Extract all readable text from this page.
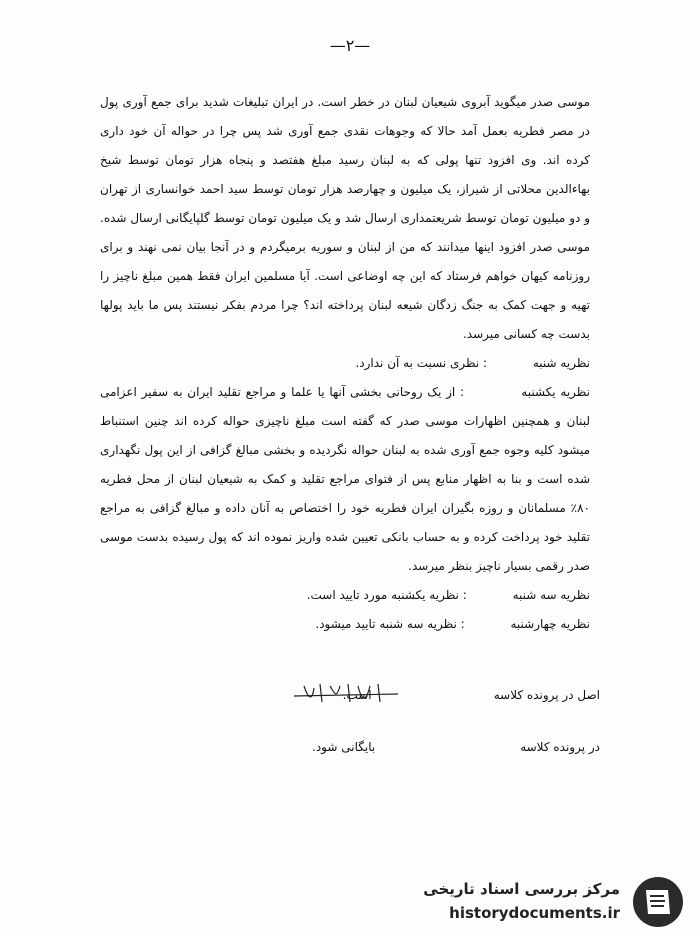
—۲—

موسی صدر میگوید آبروی شیعیان لبنان در خطر است. در ایران تبلیغات شدید برای جمع آوری پول در مصر فطریه بعمل آمد حالا که وجوهات نقدی جمع آوری شد پس چرا در حواله آن خود داری کرده اند. وی افزود تنها پولی که به لبنان رسید مبلغ هفتصد و پنجاه هزار تومان توسط شیخ بهاءالدین محلاتی از شیراز، یک میلیون و چهارصد هزار تومان توسط سید احمد خوانساری از تهران و دو میلیون تومان توسط شریعتمداری ارسال شد و یک میلیون تومان توسط گلپایگانی ارسال شده. موسی صدر افزود اینها میدانند که من از لبنان و سوریه برمیگردم و در آنجا بیان نمی نهند و برای روزنامه کیهان خواهم فرستاد که این چه اوضاعی است. آیا مسلمین ایران فقط همین مبلغ ناچیز را تهیه و جهت کمک به جنگ زدگان شیعه لبنان پرداخته اند؟ چرا مردم بفکر نیستند پس ما باید پولها بدست چه کسانی میرسد.

نظریه شنبه            : نظری نسبت به آن ندارد.

نظریه یکشنبه            : از یک روحانی بخشی آنها یا علما و مراجع تقلید ایران به سفیر اعزامی لبنان و همچنین اظهارات موسی صدر که گفته است مبلغ ناچیزی حواله کرده اند چنین استنباط میشود کلیه وجوه جمع آوری شده به لبنان حواله نگردیده و بخشی مبالغ گزافی از این پول نگهداری شده است و بنا به اظهار منابع پس از فتوای مراجع تقلید و کمک به شیعیان لبنان از محل فطریه ۸۰٪ مسلمانان و روزه بگیران ایران فطریه خود را اختصاص به آنان داده و مبالغ گزافی به مراجع تقلید خود پرداخت کرده و به حساب بانکی تعیین شده واریز نموده اند که پول رسیده بدست موسی صدر رقمی بسیار ناچیز بنظر میرسد.

نظریه سه شنبه            : نظریه یکشنبه مورد تایید است.

نظریه چهارشنبه            : نظریه سه شنبه تایید میشود.

اصل در پرونده کلاسه                                است.
در پرونده کلاسه                                      بایگانی شود.
مرکز بررسی اسناد تاریخی
historydocuments.ir
